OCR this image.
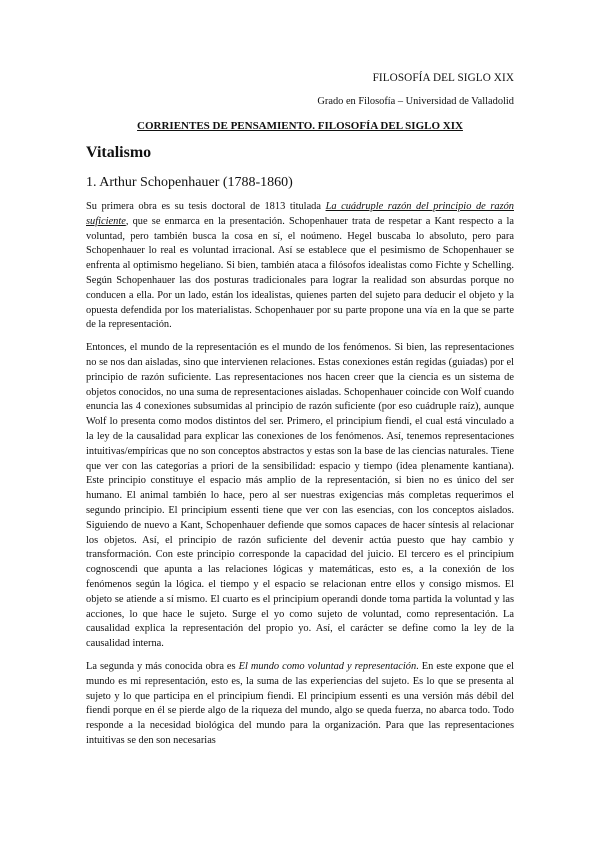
FILOSOFÍA DEL SIGLO XIX
Grado en Filosofía – Universidad de Valladolid
CORRIENTES DE PENSAMIENTO. FILOSOFÍA DEL SIGLO XIX
Vitalismo
1. Arthur Schopenhauer (1788-1860)

Su primera obra es su tesis doctoral de 1813 titulada La cuádruple razón del principio de razón suficiente, que se enmarca en la presentación. Schopenhauer trata de respetar a Kant respecto a la voluntad, pero también busca la cosa en sí, el noúmeno. Hegel buscaba lo absoluto, pero para Schopenhauer lo real es voluntad irracional. Así se establece que el pesimismo de Schopenhauer se enfrenta al optimismo hegeliano. Si bien, también ataca a filósofos idealistas como Fichte y Schelling. Según Schopenhauer las dos posturas tradicionales para lograr la realidad son absurdas porque no conducen a ella. Por un lado, están los idealistas, quienes parten del sujeto para deducir el objeto y la opuesta defendida por los materialistas. Schopenhauer por su parte propone una vía en la que se parte de la representación.

Entonces, el mundo de la representación es el mundo de los fenómenos. Si bien, las representaciones no se nos dan aisladas, sino que intervienen relaciones. Estas conexiones están regidas (guiadas) por el principio de razón suficiente. Las representaciones nos hacen creer que la ciencia es un sistema de objetos conocidos, no una suma de representaciones aisladas. Schopenhauer coincide con Wolf cuando enuncia las 4 conexiones subsumidas al principio de razón suficiente (por eso cuádruple raíz), aunque Wolf lo presenta como modos distintos del ser. Primero, el principium fiendi, el cual está vinculado a la ley de la causalidad para explicar las conexiones de los fenómenos. Así, tenemos representaciones intuitivas/empíricas que no son conceptos abstractos y estas son la base de las ciencias naturales. Tiene que ver con las categorías a priori de la sensibilidad: espacio y tiempo (idea plenamente kantiana). Este principio constituye el espacio más amplio de la representación, si bien no es único del ser humano. El animal también lo hace, pero al ser nuestras exigencias más completas requerimos el segundo principio. El principium essenti tiene que ver con las esencias, con los conceptos aislados. Siguiendo de nuevo a Kant, Schopenhauer defiende que somos capaces de hacer síntesis al relacionar los objetos. Así, el principio de razón suficiente del devenir actúa puesto que hay cambio y transformación. Con este principio corresponde la capacidad del juicio. El tercero es el principium cognoscendi que apunta a las relaciones lógicas y matemáticas, esto es, a la conexión de los fenómenos según la lógica. el tiempo y el espacio se relacionan entre ellos y consigo mismos. El objeto se atiende a sí mismo. El cuarto es el principium operandi donde toma partida la voluntad y las acciones, lo que hace le sujeto. Surge el yo como sujeto de voluntad, como representación. La causalidad explica la representación del propio yo. Así, el carácter se define como la ley de la causalidad interna.

La segunda y más conocida obra es El mundo como voluntad y representación. En este expone que el mundo es mi representación, esto es, la suma de las experiencias del sujeto. Es lo que se presenta al sujeto y lo que participa en el principium fiendi. El principium essenti es una versión más débil del fiendi porque en él se pierde algo de la riqueza del mundo, algo se queda fuerza, no abarca todo. Todo responde a la necesidad biológica del mundo para la organización. Para que las representaciones intuitivas se den son necesarias
